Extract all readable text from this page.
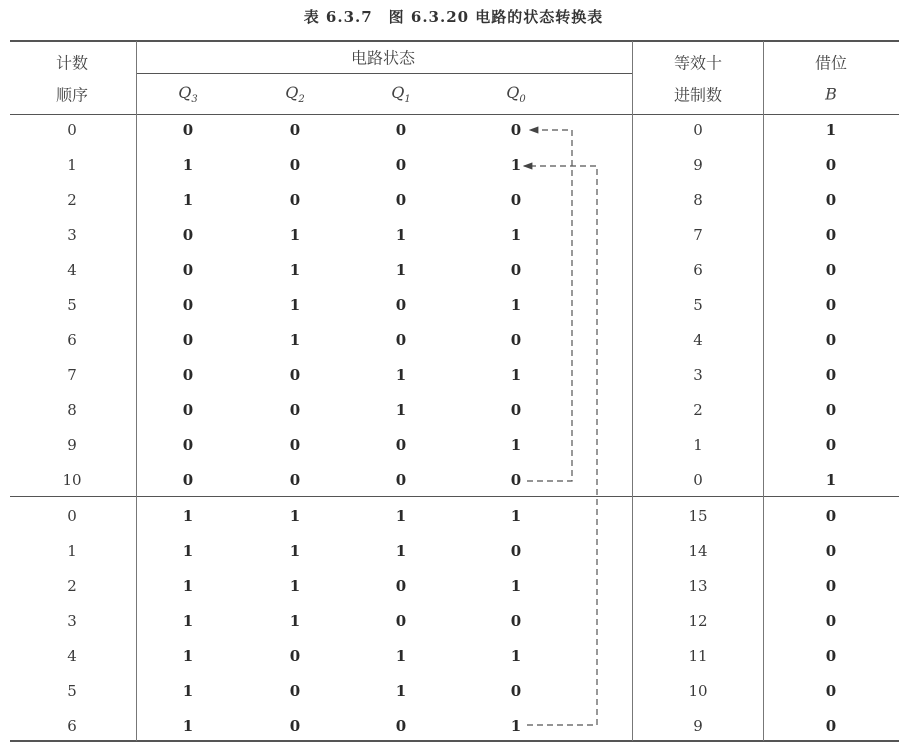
表 6.3.7　图 6.3.20 电路的状态转换表
计数
顺序
电路状态
$Q_3$	$Q_2$	$Q_1$	$Q_0$
等效十
进制数
借位
B
0	0	0	0	0	0	1
1	1	0	0	1	9	0
2	1	0	0	0	8	0
3	0	1	1	1	7	0
4	0	1	1	0	6	0
5	0	1	0	1	5	0
6	0	1	0	0	4	0
7	0	0	1	1	3	0
8	0	0	1	0	2	0
9	0	0	0	1	1	0
10	0	0	0	0	0	1
0	1	1	1	1	15	0
1	1	1	1	0	14	0
2	1	1	0	1	13	0
3	1	1	0	0	12	0
4	1	0	1	1	11	0
5	1	0	1	0	10	0
6	1	0	0	1	9	0
